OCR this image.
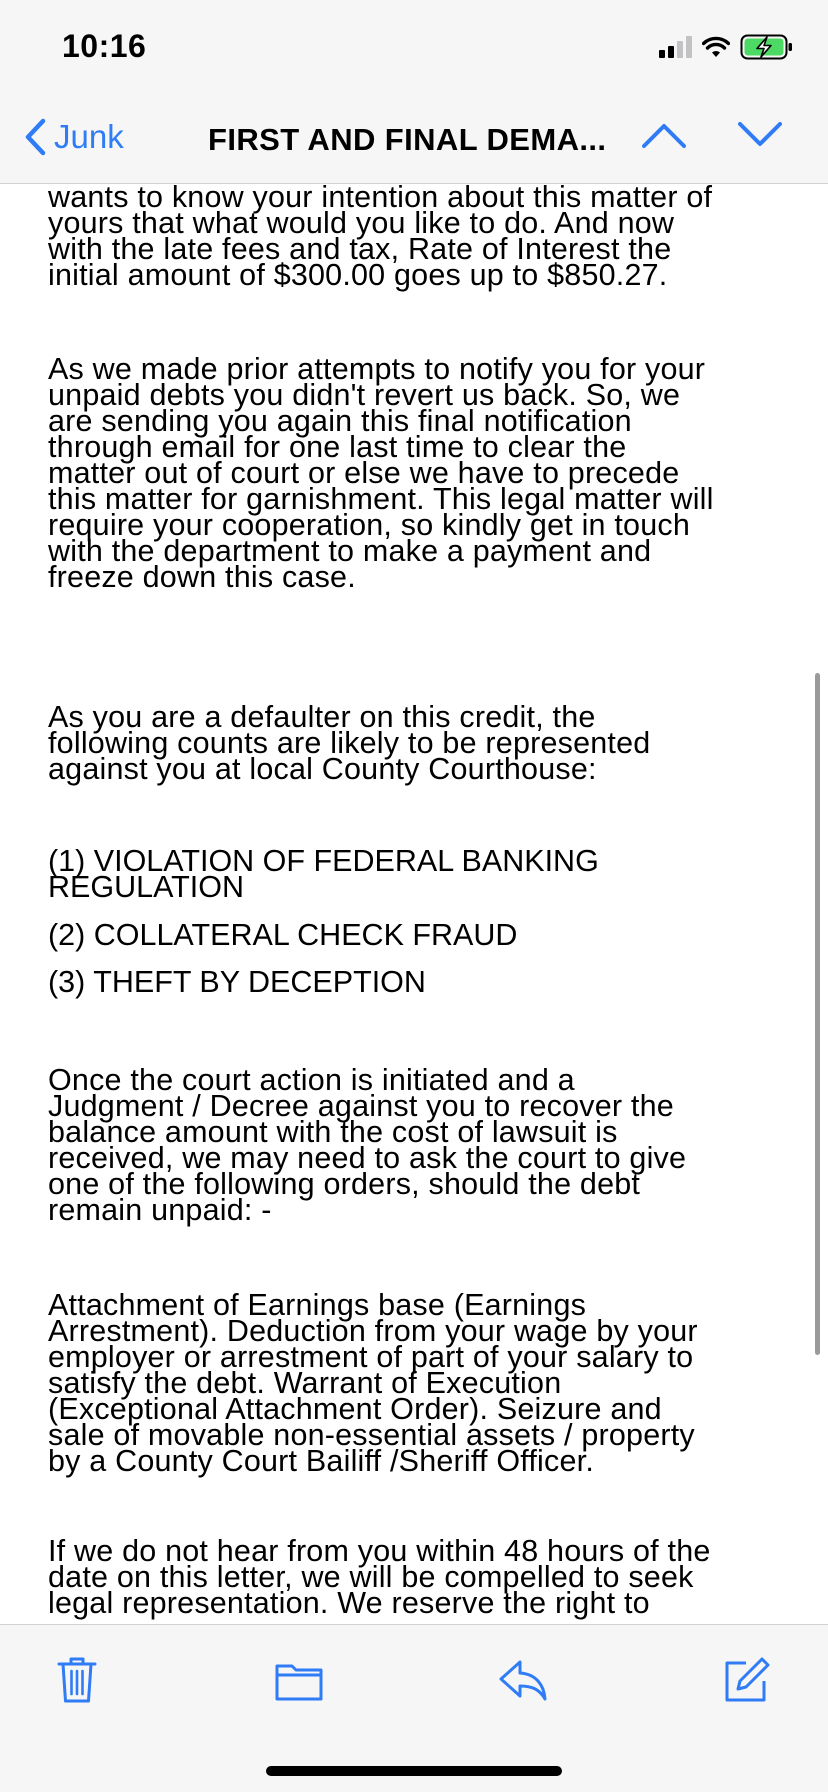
10:16
Junk	FIRST AND FINAL DEMA...
wants to know your intention about this matter of
yours that what would you like to do. And now
with the late fees and tax, Rate of Interest the
initial amount of $300.00 goes up to $850.27.
As we made prior attempts to notify you for your
unpaid debts you didn't revert us back. So, we
are sending you again this final notification
through email for one last time to clear the
matter out of court or else we have to precede
this matter for garnishment. This legal matter will
require your cooperation, so kindly get in touch
with the department to make a payment and
freeze down this case.
As you are a defaulter on this credit, the
following counts are likely to be represented
against you at local County Courthouse:
(1) VIOLATION OF FEDERAL BANKING
REGULATION
(2) COLLATERAL CHECK FRAUD
(3) THEFT BY DECEPTION
Once the court action is initiated and a
Judgment / Decree against you to recover the
balance amount with the cost of lawsuit is
received, we may need to ask the court to give
one of the following orders, should the debt
remain unpaid: -
Attachment of Earnings base (Earnings
Arrestment). Deduction from your wage by your
employer or arrestment of part of your salary to
satisfy the debt. Warrant of Execution
(Exceptional Attachment Order). Seizure and
sale of movable non-essential assets / property
by a County Court Bailiff /Sheriff Officer.
If we do not hear from you within 48 hours of the
date on this letter, we will be compelled to seek
legal representation. We reserve the right to
